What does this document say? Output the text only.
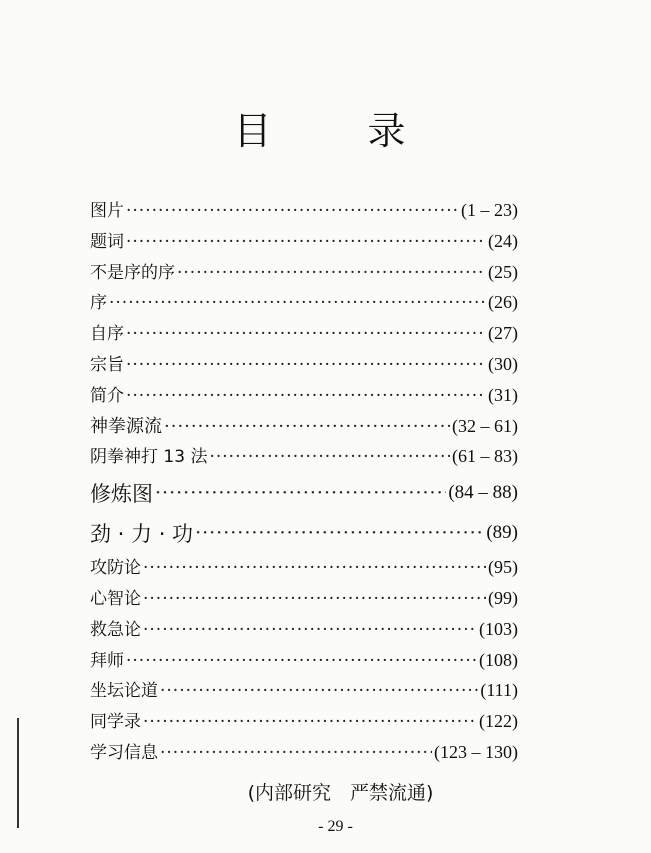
目 录
图片 ·····	(1 – 23)
题词 ·····	(24)
不是序的序 ·····	(25)
序 ·····	(26)
自序 ·····	(27)
宗旨 ·····	(30)
简介 ·····	(31)
神拳源流 ·····	(32 – 61)
阴拳神打 13 法 ·····	(61 – 83)
修炼图 ·····	(84 – 88)
劲 · 力 · 功 ·····	(89)
攻防论 ·····	(95)
心智论 ·····	(99)
救急论 ·····	(103)
拜师 ·····	(108)
坐坛论道 ·····	(111)
同学录 ·····	(122)
学习信息 ·····	(123 – 130)
(内部研究　严禁流通)
- 29 -
